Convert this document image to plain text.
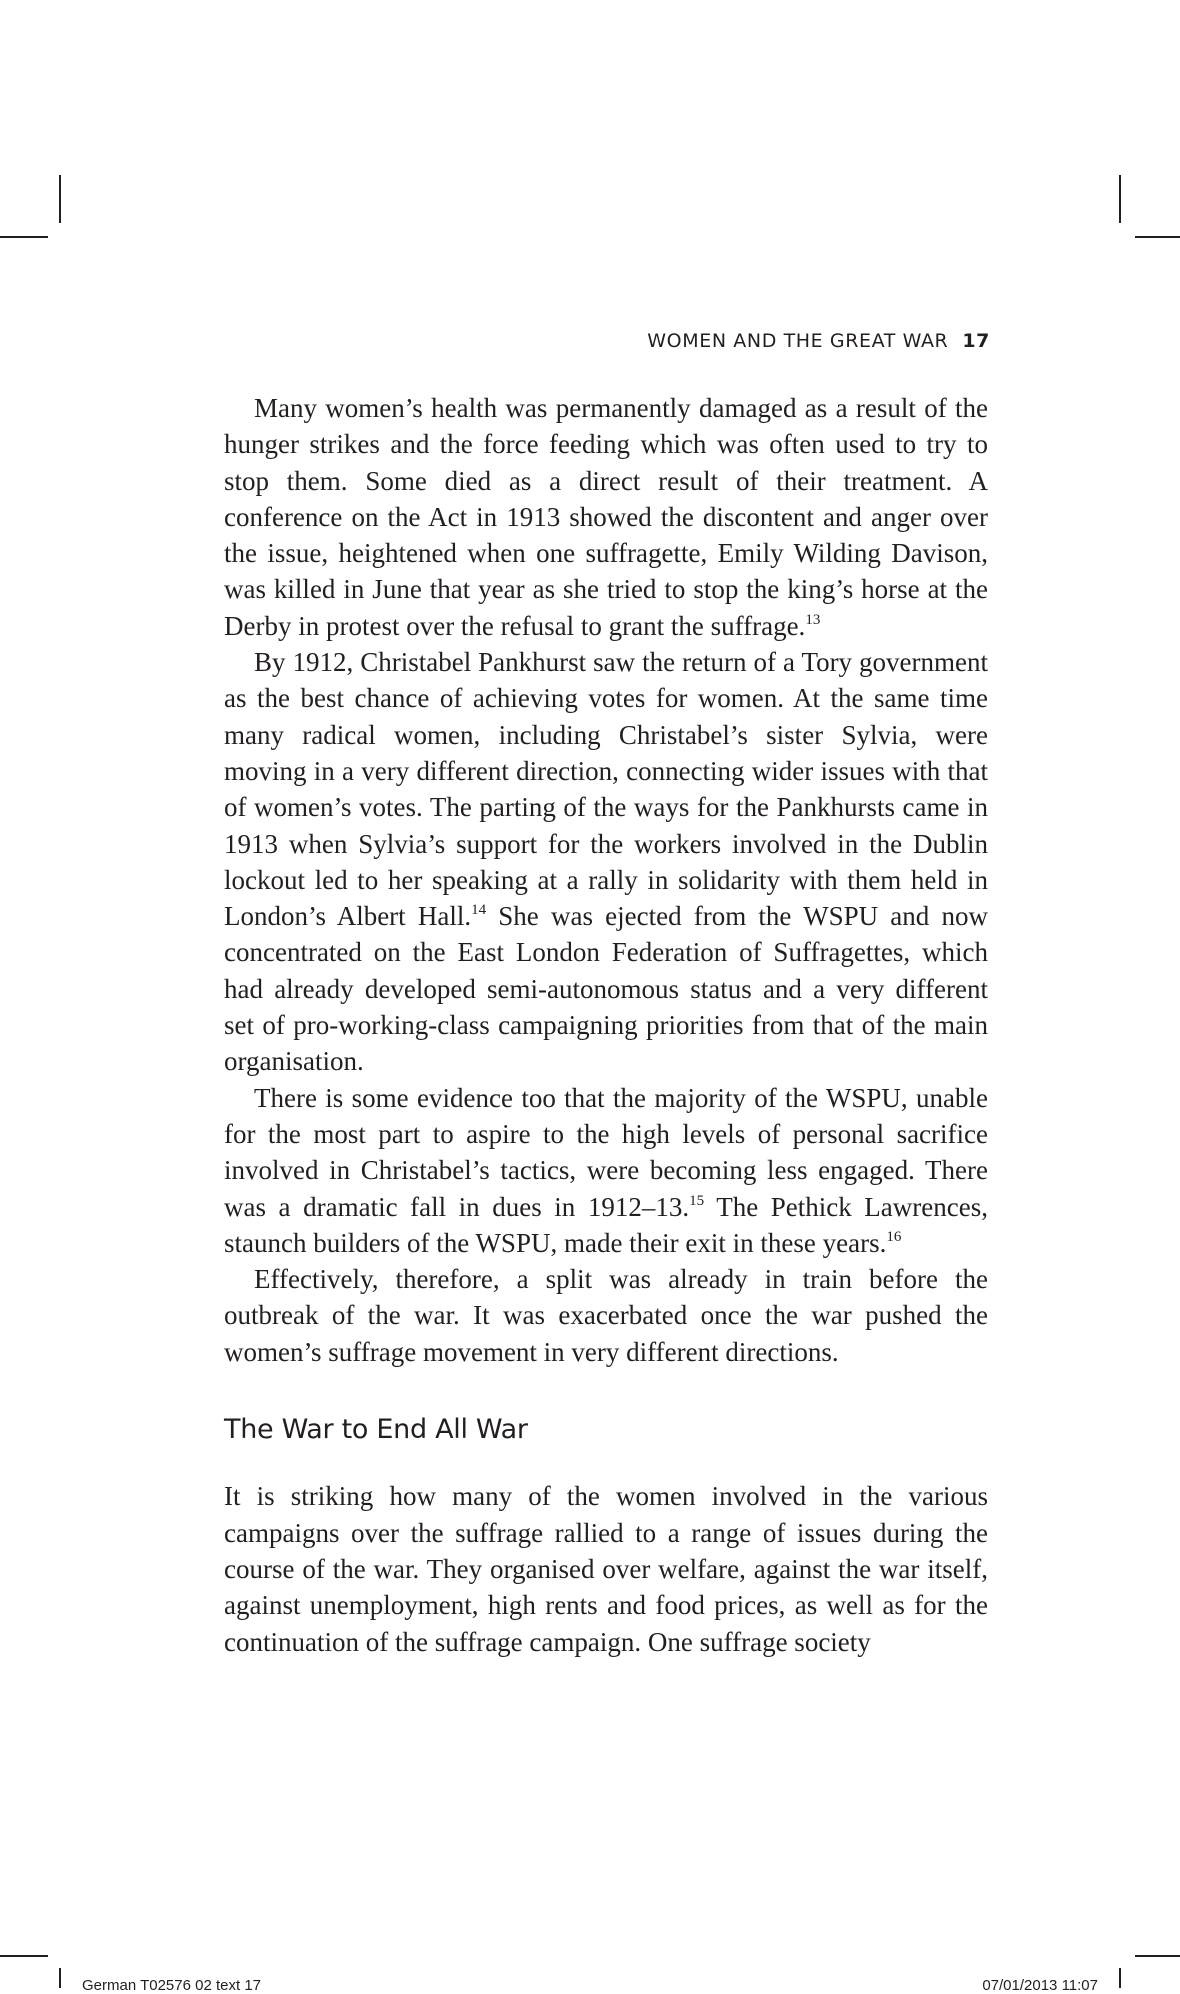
WOMEN AND THE GREAT WAR 17

Many women’s health was permanently damaged as a result of the hunger strikes and the force feeding which was often used to try to stop them. Some died as a direct result of their treatment. A conference on the Act in 1913 showed the discontent and anger over the issue, heightened when one suffragette, Emily Wilding Davison, was killed in June that year as she tried to stop the king’s horse at the Derby in protest over the refusal to grant the suffrage.$^{13}$

By 1912, Christabel Pankhurst saw the return of a Tory government as the best chance of achieving votes for women. At the same time many radical women, including Christabel’s sister Sylvia, were moving in a very different direction, connecting wider issues with that of women’s votes. The parting of the ways for the Pankhursts came in 1913 when Sylvia’s support for the workers involved in the Dublin lockout led to her speaking at a rally in solidarity with them held in London’s Albert Hall.$^{14}$ She was ejected from the WSPU and now concentrated on the East London Federation of Suffragettes, which had already developed semi-autonomous status and a very different set of pro-working-class campaigning priorities from that of the main organisation.

There is some evidence too that the majority of the WSPU, unable for the most part to aspire to the high levels of personal sacrifice involved in Christabel’s tactics, were becoming less engaged. There was a dramatic fall in dues in 1912–13.15 The Pethick Lawrences, staunch builders of the WSPU, made their exit in these years.$^{16}$

Effectively, therefore, a split was already in train before the outbreak of the war. It was exacerbated once the war pushed the women’s suffrage movement in very different directions.

The War to End All War

It is striking how many of the women involved in the various campaigns over the suffrage rallied to a range of issues during the course of the war. They organised over welfare, against the war itself, against unemployment, high rents and food prices, as well as for the continuation of the suffrage campaign. One suffrage society

German T02576 02 text 17	07/01/2013 11:07
